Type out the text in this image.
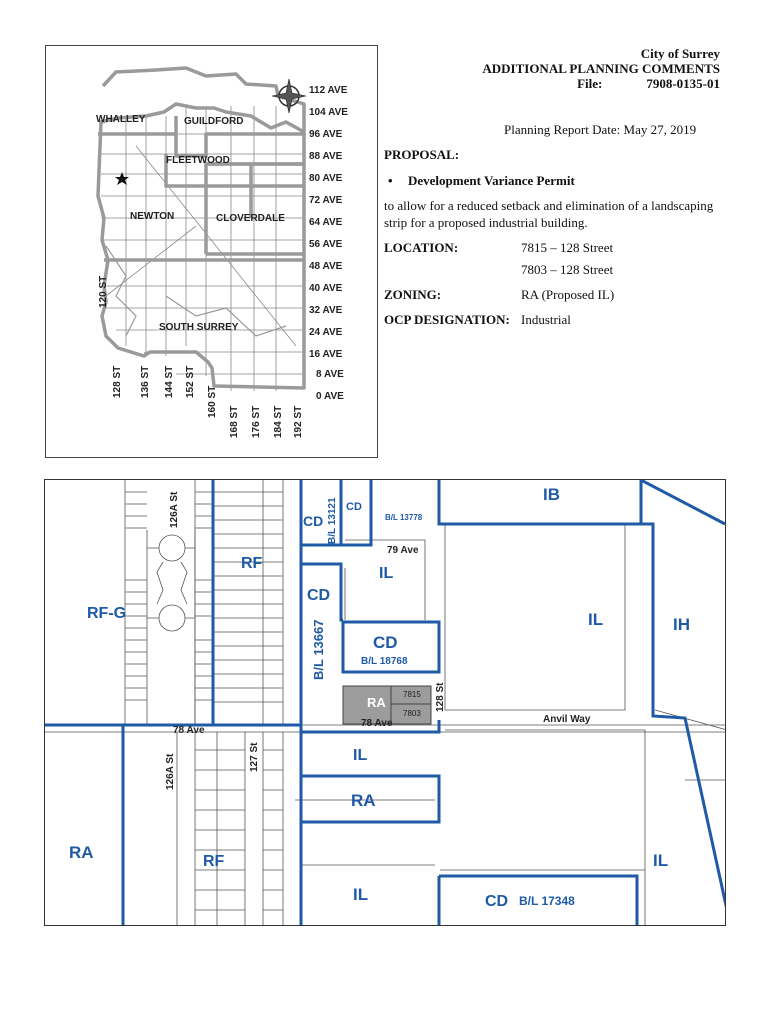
WHALLEY	GUILDFORD
FLEETWOOD
NEWTON	CLOVERDALE
SOUTH SURREY
112 AVE
104 AVE
96 AVE
88 AVE
80 AVE
72 AVE
64 AVE
56 AVE
48 AVE
40 AVE
32 AVE
24 AVE
16 AVE
8 AVE
0 AVE
120 ST
128 ST 136 ST 144 ST 152 ST
160 ST
168 ST 176 ST 184 ST 192 ST
City of Surrey
ADDITIONAL PLANNING COMMENTS
File:	7908-0135-01
Planning Report Date: May 27, 2019
PROPOSAL:
• Development Variance Permit
to allow for a reduced setback and elimination of a landscaping strip for a proposed industrial building.
LOCATION:	7815 – 128 Street
7803 – 128 Street
ZONING:	RA (Proposed IL)
OCP DESIGNATION: Industrial
IB
CD B/L 13121 CD
B/L 13778
RF
IL
RF-G
CD
B/L 13667	CD
B/L 18768
IL	IH
RA
IL
RA
RA	RF	IL
IL	CD B/L 17348
126A St
79 Ave
78 Ave
78 Ave	Anvil Way
128 St
126A St	127 St
7815
7803
